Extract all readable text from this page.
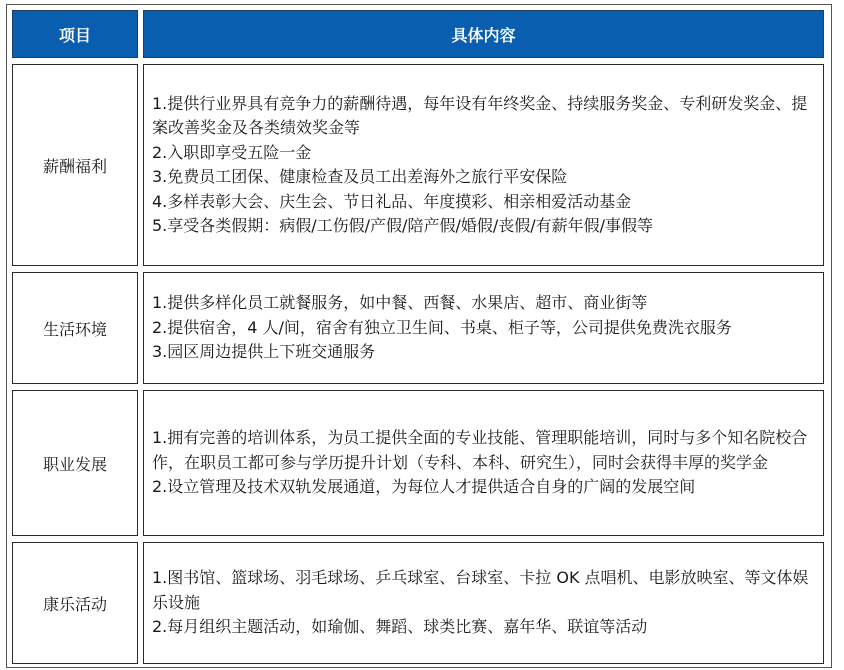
项目	具体内容
薪酬福利
1.提供行业界具有竞争力的薪酬待遇，每年设有年终奖金、持续服务奖金、专利研发奖金、提案改善奖金及各类绩效奖金等
2.入职即享受五险一金
3.免费员工团保、健康检查及员工出差海外之旅行平安保险
4.多样表彰大会、庆生会、节日礼品、年度摸彩、相亲相爱活动基金
5.享受各类假期：病假/工伤假/产假/陪产假/婚假/丧假/有薪年假/事假等
生活环境
1.提供多样化员工就餐服务，如中餐、西餐、水果店、超市、商业街等
2.提供宿舍，4 人/间，宿舍有独立卫生间、书桌、柜子等，公司提供免费洗衣服务
3.园区周边提供上下班交通服务
职业发展
1.拥有完善的培训体系，为员工提供全面的专业技能、管理职能培训，同时与多个知名院校合作，在职员工都可参与学历提升计划（专科、本科、研究生），同时会获得丰厚的奖学金
2.设立管理及技术双轨发展通道，为每位人才提供适合自身的广阔的发展空间
康乐活动
1.图书馆、篮球场、羽毛球场、乒乓球室、台球室、卡拉 OK 点唱机、电影放映室、等文体娱乐设施
2.每月组织主题活动，如瑜伽、舞蹈、球类比赛、嘉年华、联谊等活动
